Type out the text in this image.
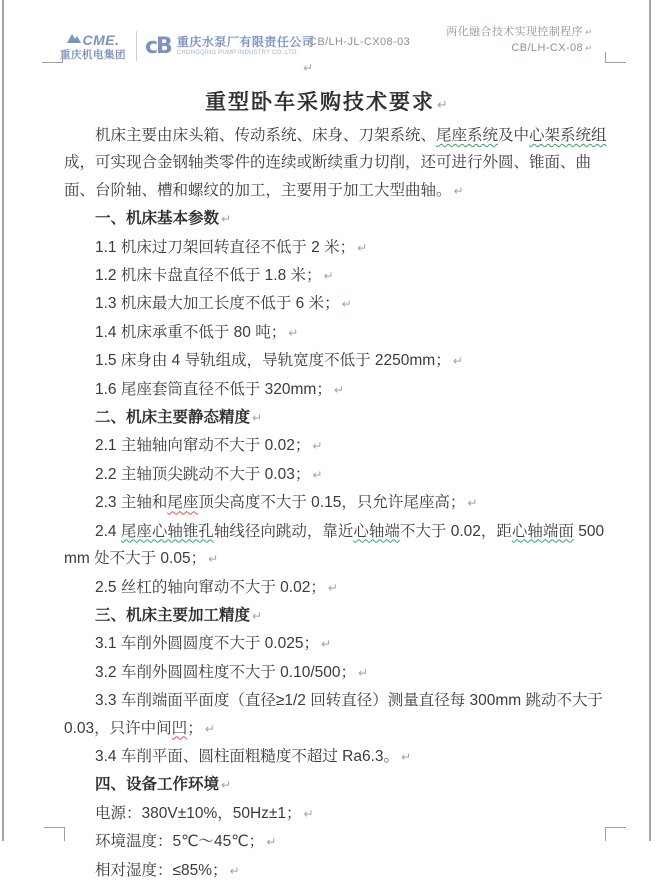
CME.
重庆机电集团 cB 重庆水泵厂有限责任公司
CHONGQING PUMP INDUSTRY CO.,LTD.
CB/LH-JL-CX08-03
两化融合技术实现控制程序 ↵
CB/LH-CX-08 ↵
↵
重型卧车采购技术要求 ↵
机床主要由床头箱、传动系统、床身、刀架系统、尾座系统及中心架系统组成，可实现合金钢轴类零件的连续或断续重力切削，还可进行外圆、锥面、曲面、台阶轴、槽和螺纹的加工，主要用于加工大型曲轴。 ↵
一、机床基本参数 ↵
1.1 机床过刀架回转直径不低于 2 米； ↵
1.2 机床卡盘直径不低于 1.8 米； ↵
1.3 机床最大加工长度不低于 6 米； ↵
1.4 机床承重不低于 80 吨； ↵
1.5 床身由 4 导轨组成，导轨宽度不低于 2250mm； ↵
1.6 尾座套筒直径不低于 320mm； ↵
二、机床主要静态精度 ↵
2.1 主轴轴向窜动不大于 0.02； ↵
2.2 主轴顶尖跳动不大于 0.03； ↵
2.3 主轴和尾座顶尖高度不大于 0.15，只允许尾座高； ↵
2.4 尾座心轴锥孔轴线径向跳动，靠近心轴端不大于 0.02，距心轴端面 500mm 处不大于 0.05； ↵
2.5 丝杠的轴向窜动不大于 0.02； ↵
三、机床主要加工精度 ↵
3.1 车削外圆圆度不大于 0.025； ↵
3.2 车削外圆圆柱度不大于 0.10/500； ↵
3.3 车削端面平面度（直径≥1/2 回转直径）测量直径每 300mm 跳动不大于 0.03，只许中间凹； ↵
3.4 车削平面、圆柱面粗糙度不超过 Ra6.3。 ↵
四、设备工作环境 ↵
电源：380V±10%，50Hz±1； ↵
环境温度：5℃～45℃； ↵
相对湿度：≤85%； ↵
